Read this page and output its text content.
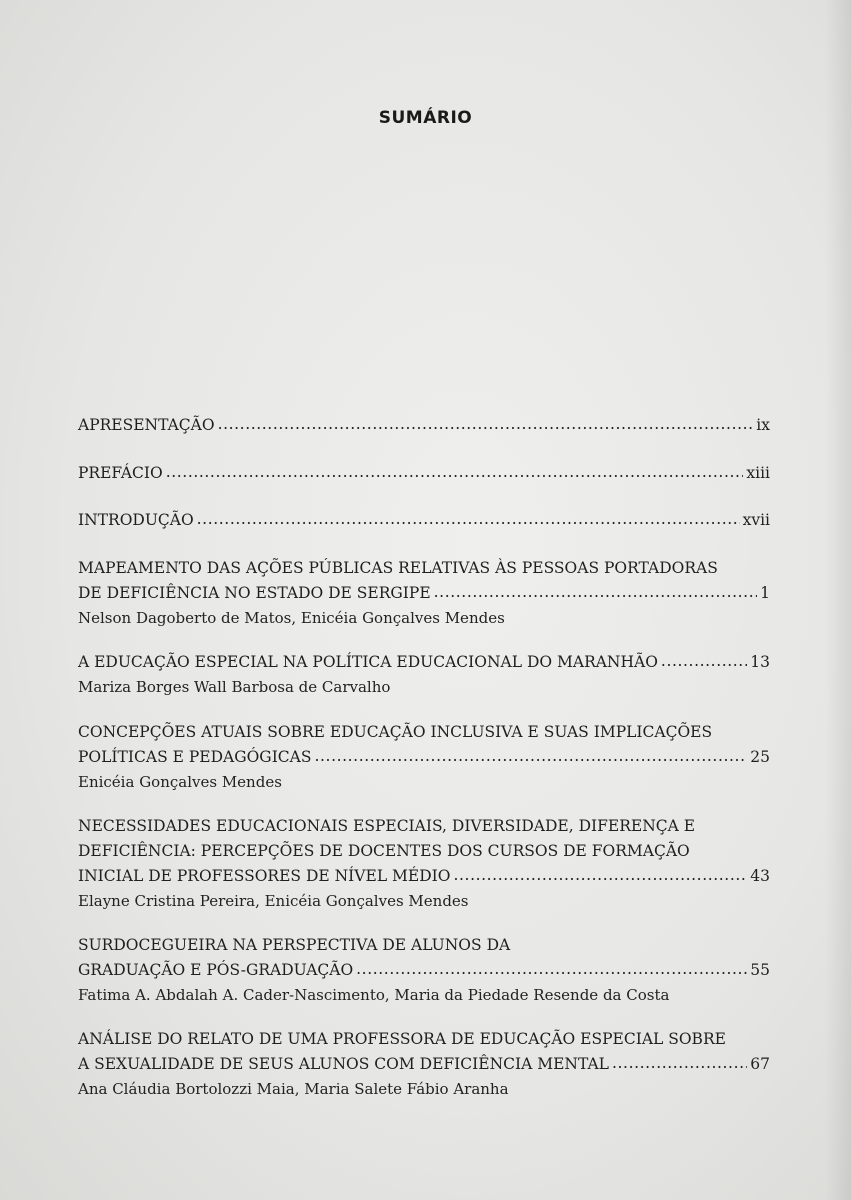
SUMÁRIO
APRESENTAÇÃO .....	ix
PREFÁCIO .....	xiii
INTRODUÇÃO .....	xvii
MAPEAMENTO DAS AÇÕES PÚBLICAS RELATIVAS ÀS PESSOAS PORTADORAS
DE DEFICIÊNCIA NO ESTADO DE SERGIPE .....	1
Nelson Dagoberto de Matos, Enicéia Gonçalves Mendes
A EDUCAÇÃO ESPECIAL NA POLÍTICA EDUCACIONAL DO MARANHÃO .....	13
Mariza Borges Wall Barbosa de Carvalho
CONCEPÇÕES ATUAIS SOBRE EDUCAÇÃO INCLUSIVA E SUAS IMPLICAÇÕES
POLÍTICAS E PEDAGÓGICAS .....	25
Enicéia Gonçalves Mendes
NECESSIDADES EDUCACIONAIS ESPECIAIS, DIVERSIDADE, DIFERENÇA E
DEFICIÊNCIA: PERCEPÇÕES DE DOCENTES DOS CURSOS DE FORMAÇÃO
INICIAL DE PROFESSORES DE NÍVEL MÉDIO .....	43
Elayne Cristina Pereira, Enicéia Gonçalves Mendes
SURDOCEGUEIRA NA PERSPECTIVA DE ALUNOS DA
GRADUAÇÃO E PÓS-GRADUAÇÃO .....	55
Fatima A. Abdalah A. Cader-Nascimento, Maria da Piedade Resende da Costa
ANÁLISE DO RELATO DE UMA PROFESSORA DE EDUCAÇÃO ESPECIAL SOBRE
A SEXUALIDADE DE SEUS ALUNOS COM DEFICIÊNCIA MENTAL .....	67
Ana Cláudia Bortolozzi Maia, Maria Salete Fábio Aranha
